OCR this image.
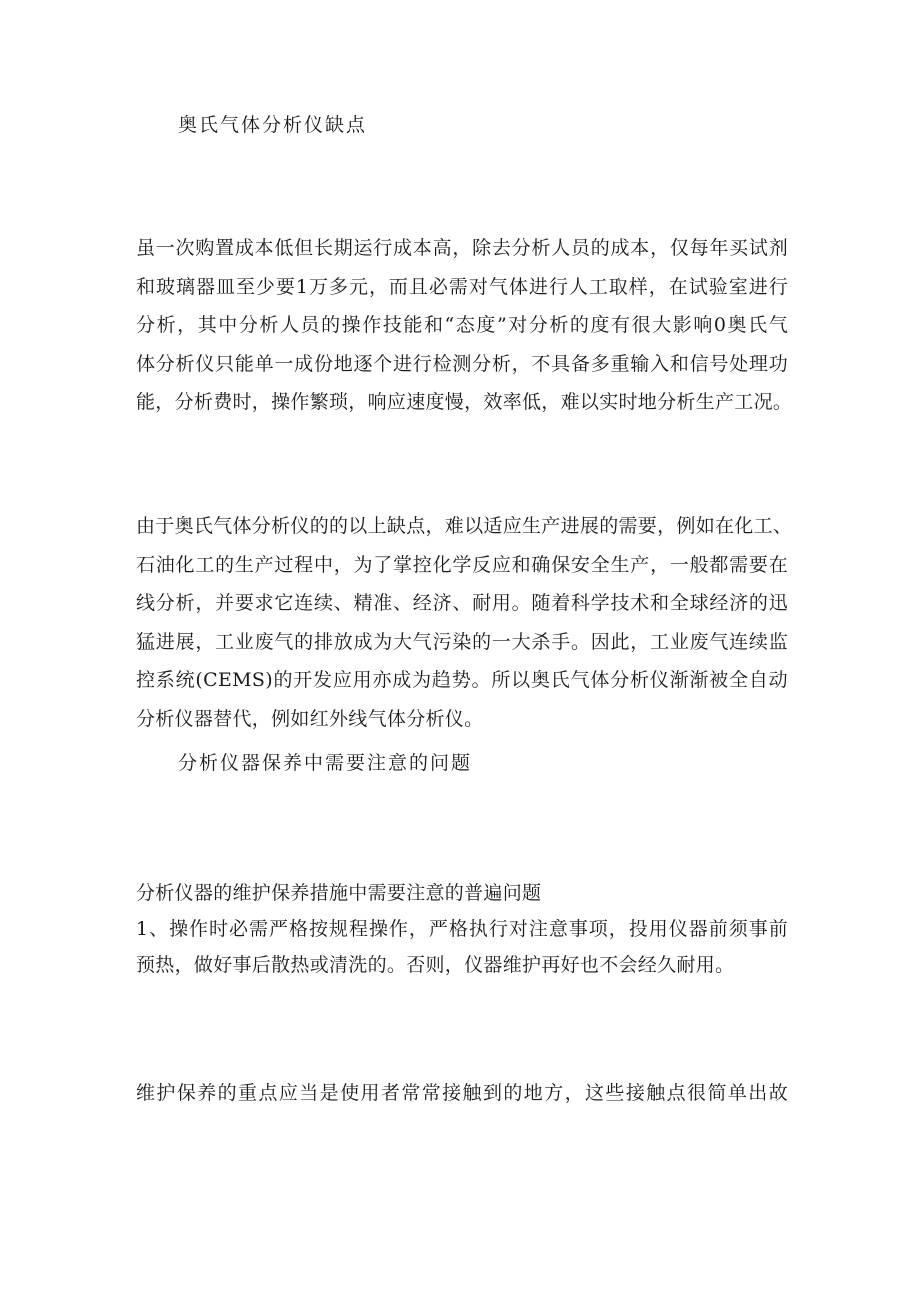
奥氏气体分析仪缺点
虽一次购置成本低但长期运行成本高，除去分析人员的成本，仅每年买试剂
和玻璃器皿至少要1万多元，而且必需对气体进行人工取样，在试验室进行
分析，其中分析人员的操作技能和“态度”对分析的度有很大影响0奥氏气
体分析仪只能单一成份地逐个进行检测分析，不具备多重输入和信号处理功
能，分析费时，操作繁琐，响应速度慢，效率低，难以实时地分析生产工况。
由于奥氏气体分析仪的的以上缺点，难以适应生产进展的需要，例如在化工、
石油化工的生产过程中，为了掌控化学反应和确保安全生产，一般都需要在
线分析，并要求它连续、精准、经济、耐用。随着科学技术和全球经济的迅
猛进展，工业废气的排放成为大气污染的一大杀手。因此，工业废气连续监
控系统(CEMS)的开发应用亦成为趋势。所以奥氏气体分析仪渐渐被全自动
分析仪器替代，例如红外线气体分析仪。
分析仪器保养中需要注意的问题
分析仪器的维护保养措施中需要注意的普遍问题
1、操作时必需严格按规程操作，严格执行对注意事项，投用仪器前须事前
预热，做好事后散热或清洗的。否则，仪器维护再好也不会经久耐用。
维护保养的重点应当是使用者常常接触到的地方，这些接触点很简单出故
